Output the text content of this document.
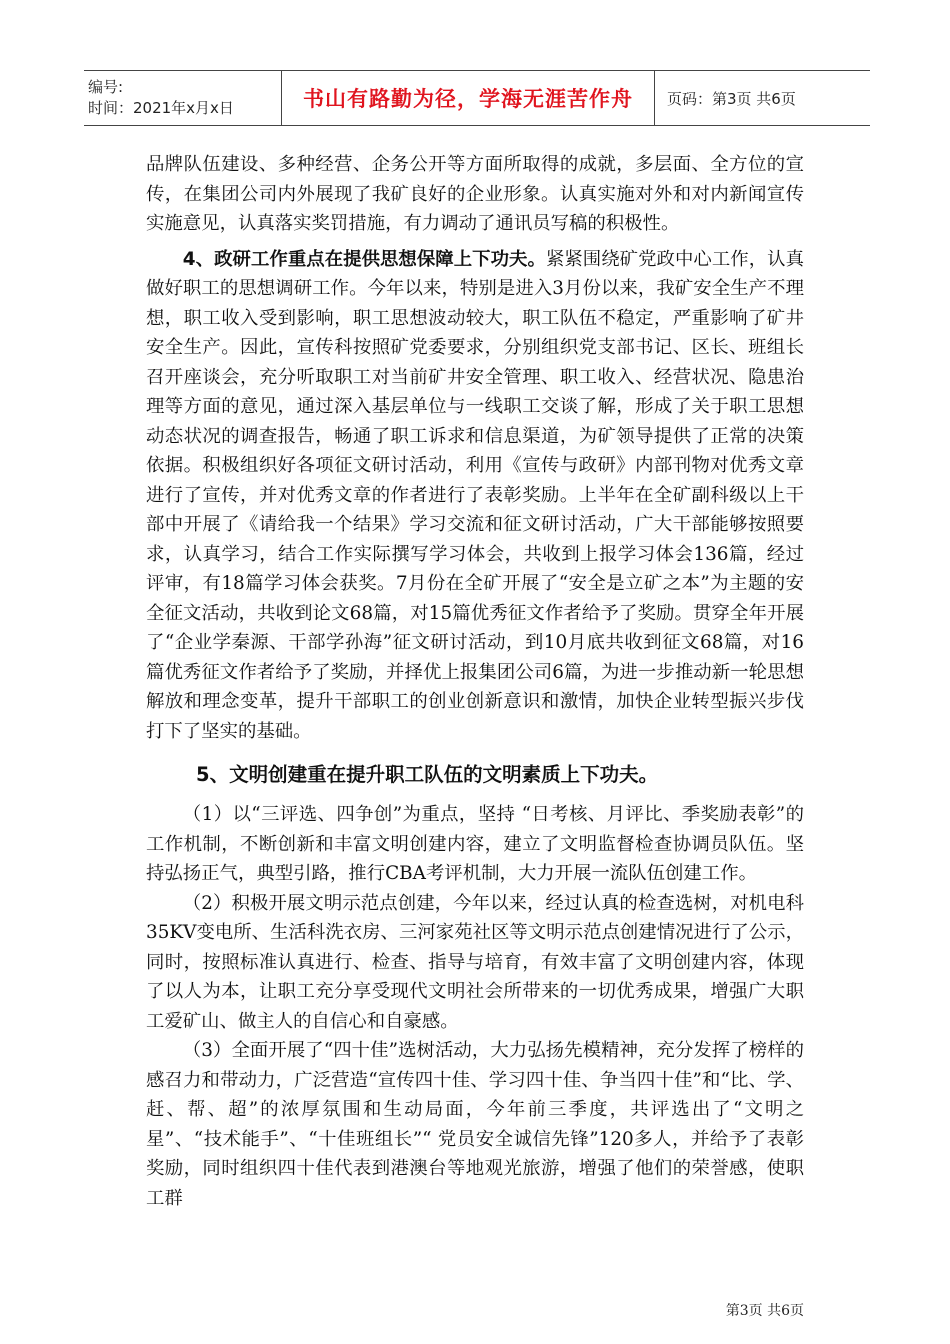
编号:
时间：2021年x月x日	书山有路勤为径，学海无涯苦作舟 页码：第3页 共6页

品牌队伍建设、多种经营、企务公开等方面所取得的成就，多层面、全方位的宣传，在集团公司内外展现了我矿良好的企业形象。认真实施对外和对内新闻宣传实施意见，认真落实奖罚措施，有力调动了通讯员写稿的积极性。

4、政研工作重点在提供思想保障上下功夫。紧紧围绕矿党政中心工作，认真做好职工的思想调研工作。今年以来，特别是进入3月份以来，我矿安全生产不理想，职工收入受到影响，职工思想波动较大，职工队伍不稳定，严重影响了矿井安全生产。因此，宣传科按照矿党委要求，分别组织党支部书记、区长、班组长召开座谈会，充分听取职工对当前矿井安全管理、职工收入、经营状况、隐患治理等方面的意见，通过深入基层单位与一线职工交谈了解，形成了关于职工思想动态状况的调查报告，畅通了职工诉求和信息渠道，为矿领导提供了正常的决策依据。积极组织好各项征文研讨活动，利用《宣传与政研》内部刊物对优秀文章进行了宣传，并对优秀文章的作者进行了表彰奖励。上半年在全矿副科级以上干部中开展了《请给我一个结果》学习交流和征文研讨活动，广大干部能够按照要求，认真学习，结合工作实际撰写学习体会，共收到上报学习体会136篇，经过评审，有18篇学习体会获奖。7月份在全矿开展了“安全是立矿之本”为主题的安全征文活动，共收到论文68篇，对15篇优秀征文作者给予了奖励。贯穿全年开展了“企业学秦源、干部学孙海”征文研讨活动，到10月底共收到征文68篇，对16篇优秀征文作者给予了奖励，并择优上报集团公司6篇，为进一步推动新一轮思想解放和理念变革，提升干部职工的创业创新意识和激情，加快企业转型振兴步伐打下了坚实的基础。

5、文明创建重在提升职工队伍的文明素质上下功夫。

（1）以“三评选、四争创”为重点，坚持 “日考核、月评比、季奖励表彰”的工作机制，不断创新和丰富文明创建内容，建立了文明监督检查协调员队伍。坚持弘扬正气，典型引路，推行CBA考评机制，大力开展一流队伍创建工作。

（2）积极开展文明示范点创建，今年以来，经过认真的检查选树，对机电科35KV变电所、生活科洗衣房、三河家苑社区等文明示范点创建情况进行了公示，同时，按照标准认真进行、检查、指导与培育，有效丰富了文明创建内容，体现了以人为本，让职工充分享受现代文明社会所带来的一切优秀成果，增强广大职工爱矿山、做主人的自信心和自豪感。

（3）全面开展了“四十佳”选树活动，大力弘扬先模精神，充分发挥了榜样的感召力和带动力，广泛营造“宣传四十佳、学习四十佳、争当四十佳”和“比、学、赶、帮、超”的浓厚氛围和生动局面，今年前三季度，共评选出了“文明之星”、“技术能手”、“十佳班组长”“ 党员安全诚信先锋”120多人，并给予了表彰奖励，同时组织四十佳代表到港澳台等地观光旅游，增强了他们的荣誉感，使职工群

第3页 共6页
